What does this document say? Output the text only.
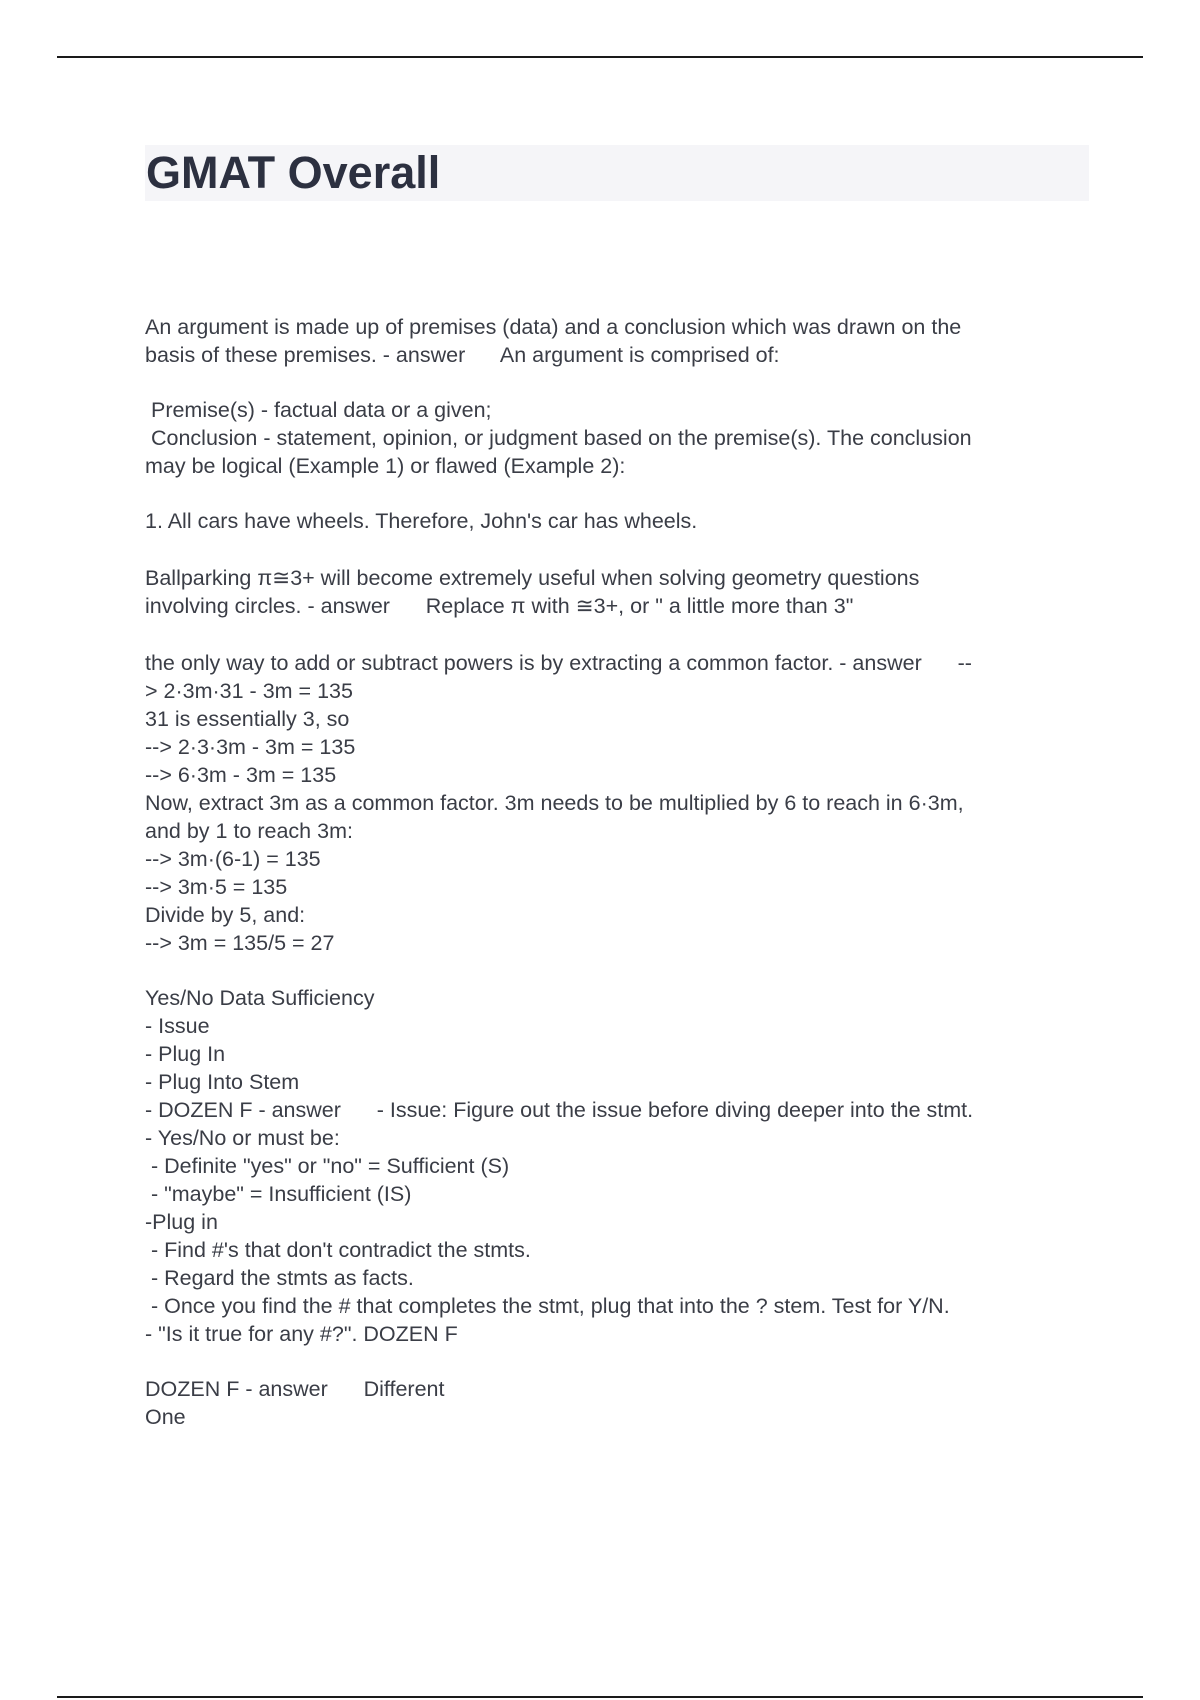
GMAT Overall
An argument is made up of premises (data) and a conclusion which was drawn on the
basis of these premises. - answer      An argument is comprised of:
Premise(s) - factual data or a given;
Conclusion - statement, opinion, or judgment based on the premise(s). The conclusion
may be logical (Example 1) or flawed (Example 2):
1. All cars have wheels. Therefore, John's car has wheels.
Ballparking π≅3+ will become extremely useful when solving geometry questions
involving circles. - answer      Replace π with ≅3+, or " a little more than 3"
the only way to add or subtract powers is by extracting a common factor. - answer      --
> 2·3m·31 - 3m = 135
31 is essentially 3, so
--> 2·3·3m - 3m = 135
--> 6·3m - 3m = 135
Now, extract 3m as a common factor. 3m needs to be multiplied by 6 to reach in 6·3m,
and by 1 to reach 3m:
--> 3m·(6-1) = 135
--> 3m·5 = 135
Divide by 5, and:
--> 3m = 135/5 = 27
Yes/No Data Sufficiency
- Issue
- Plug In
- Plug Into Stem
- DOZEN F - answer      - Issue: Figure out the issue before diving deeper into the stmt.
- Yes/No or must be:
- Definite "yes" or "no" = Sufficient (S)
- "maybe" = Insufficient (IS)
-Plug in
- Find #'s that don't contradict the stmts.
- Regard the stmts as facts.
- Once you find the # that completes the stmt, plug that into the ? stem. Test for Y/N.
- "Is it true for any #?". DOZEN F
DOZEN F - answer      Different
One
